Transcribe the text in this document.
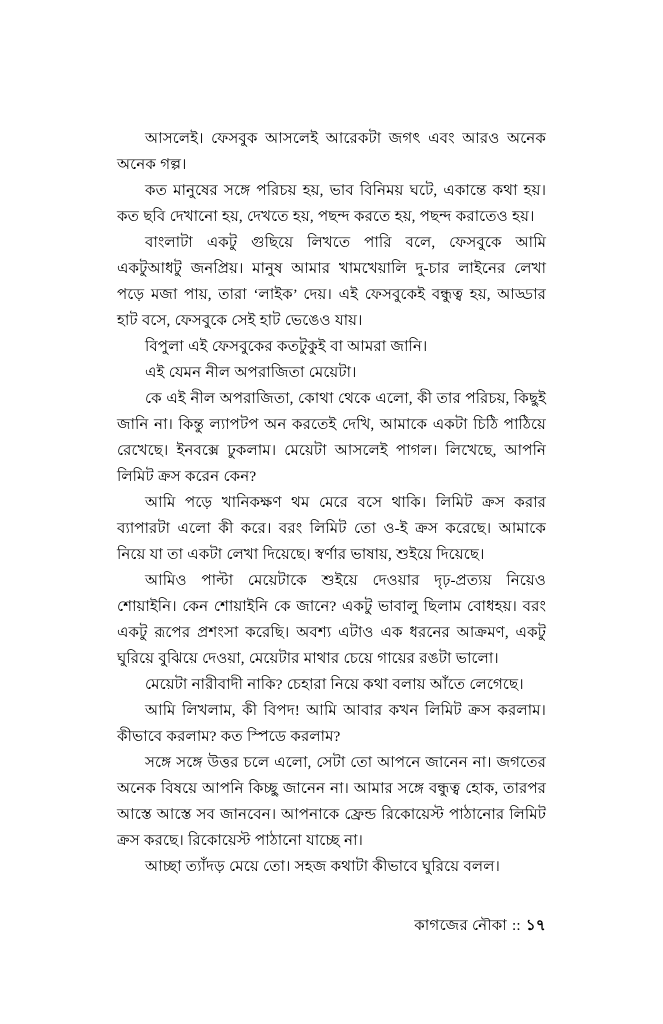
আসলেই। ফেসবুক আসলেই আরেকটা জগৎ এবং আরও অনেক অনেক গল্প।

কত মানুষের সঙ্গে পরিচয় হয়, ভাব বিনিময় ঘটে, একান্তে কথা হয়। কত ছবি দেখানো হয়, দেখতে হয়, পছন্দ করতে হয়, পছন্দ করাতেও হয়।

বাংলাটা একটু গুছিয়ে লিখতে পারি বলে, ফেসবুকে আমি একটুআধটু জনপ্রিয়। মানুষ আমার খামখেয়ালি দু-চার লাইনের লেখা পড়ে মজা পায়, তারা ‘লাইক’ দেয়। এই ফেসবুকেই বন্ধুত্ব হয়, আড্ডার হাট বসে, ফেসবুকে সেই হাট ভেঙেও যায়।

বিপুলা এই ফেসবুকের কতটুকুই বা আমরা জানি।

এই যেমন নীল অপরাজিতা মেয়েটা।

কে এই নীল অপরাজিতা, কোথা থেকে এলো, কী তার পরিচয়, কিছুই জানি না। কিন্তু ল্যাপটপ অন করতেই দেখি, আমাকে একটা চিঠি পাঠিয়ে রেখেছে। ইনবক্সে ঢুকলাম। মেয়েটা আসলেই পাগল। লিখেছে, আপনি লিমিট ক্রস করেন কেন?

আমি পড়ে খানিকক্ষণ থম মেরে বসে থাকি। লিমিট ক্রস করার ব্যাপারটা এলো কী করে। বরং লিমিট তো ও-ই ক্রস করেছে। আমাকে নিয়ে যা তা একটা লেখা দিয়েছে। স্বর্ণার ভাষায়, শুইয়ে দিয়েছে।

আমিও পাল্টা মেয়েটাকে শুইয়ে দেওয়ার দৃঢ়-প্রত্যয় নিয়েও শোয়াইনি। কেন শোয়াইনি কে জানে? একটু ভাবালু ছিলাম বোধহয়। বরং একটু রূপের প্রশংসা করেছি। অবশ্য এটাও এক ধরনের আক্রমণ, একটু ঘুরিয়ে বুঝিয়ে দেওয়া, মেয়েটার মাথার চেয়ে গায়ের রঙটা ভালো।

মেয়েটা নারীবাদী নাকি? চেহারা নিয়ে কথা বলায় আঁতে লেগেছে।

আমি লিখলাম, কী বিপদ! আমি আবার কখন লিমিট ক্রস করলাম। কীভাবে করলাম? কত স্পিডে করলাম?

সঙ্গে সঙ্গে উত্তর চলে এলো, সেটা তো আপনে জানেন না। জগতের অনেক বিষয়ে আপনি কিচ্ছু জানেন না। আমার সঙ্গে বন্ধুত্ব হোক, তারপর আস্তে আস্তে সব জানবেন। আপনাকে ফ্রেন্ড রিকোয়েস্ট পাঠানোর লিমিট ক্রস করছে। রিকোয়েস্ট পাঠানো যাচ্ছে না।

আচ্ছা ত্যাঁদড় মেয়ে তো। সহজ কথাটা কীভাবে ঘুরিয়ে বলল।

কাগজের নৌকা :: ১৭
